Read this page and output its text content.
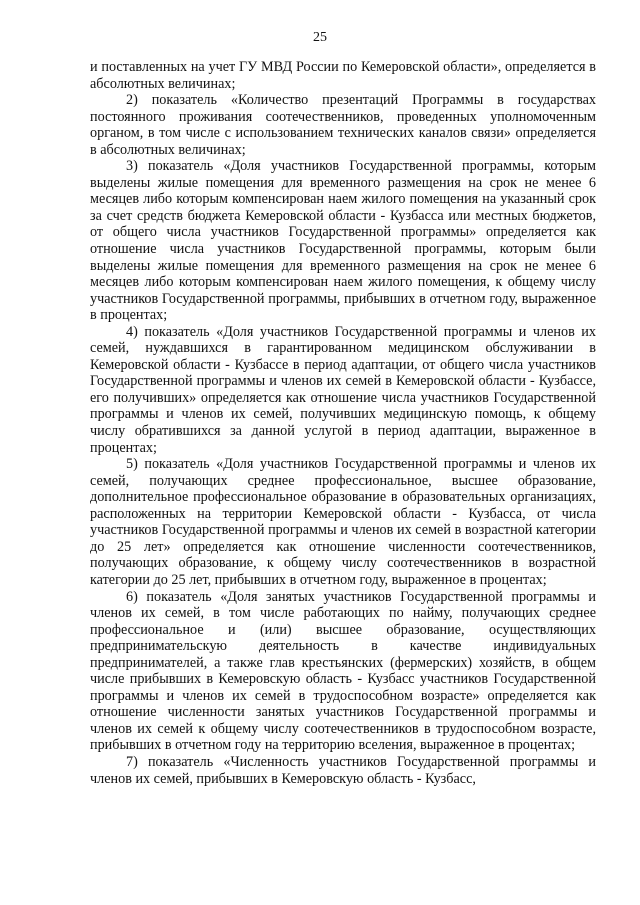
25

и поставленных на учет ГУ МВД России по Кемеровской области», определяется в абсолютных величинах;

2) показатель «Количество презентаций Программы в государствах постоянного проживания соотечественников, проведенных уполномоченным органом, в том числе с использованием технических каналов связи» определяется в абсолютных величинах;

3) показатель «Доля участников Государственной программы, которым выделены жилые помещения для временного размещения на срок не менее 6 месяцев либо которым компенсирован наем жилого помещения на указанный срок за счет средств бюджета Кемеровской области - Кузбасса или местных бюджетов, от общего числа участников Государственной программы» определяется как отношение числа участников Государственной программы, которым были выделены жилые помещения для временного размещения на срок не менее 6 месяцев либо которым компенсирован наем жилого помещения, к общему числу участников Государственной программы, прибывших в отчетном году, выраженное в процентах;

4) показатель «Доля участников Государственной программы и членов их семей, нуждавшихся в гарантированном медицинском обслуживании в Кемеровской области - Кузбассе в период адаптации, от общего числа участников Государственной программы и членов их семей в Кемеровской области - Кузбассе, его получивших» определяется как отношение числа участников Государственной программы и членов их семей, получивших медицинскую помощь, к общему числу обратившихся за данной услугой в период адаптации, выраженное в процентах;

5) показатель «Доля участников Государственной программы и членов их семей, получающих среднее профессиональное, высшее образование, дополнительное профессиональное образование в образовательных организациях, расположенных на территории Кемеровской области - Кузбасса, от числа участников Государственной программы и членов их семей в возрастной категории до 25 лет» определяется как отношение численности соотечественников, получающих образование, к общему числу соотечественников в возрастной категории до 25 лет, прибывших в отчетном году, выраженное в процентах;

6) показатель «Доля занятых участников Государственной программы и членов их семей, в том числе работающих по найму, получающих среднее профессиональное и (или) высшее образование, осуществляющих предпринимательскую деятельность в качестве индивидуальных предпринимателей, а также глав крестьянских (фермерских) хозяйств, в общем числе прибывших в Кемеровскую область - Кузбасс участников Государственной программы и членов их семей в трудоспособном возрасте» определяется как отношение численности занятых участников Государственной программы и членов их семей к общему числу соотечественников в трудоспособном возрасте, прибывших в отчетном году на территорию вселения, выраженное в процентах;

7) показатель «Численность участников Государственной программы и членов их семей, прибывших в Кемеровскую область - Кузбасс,
